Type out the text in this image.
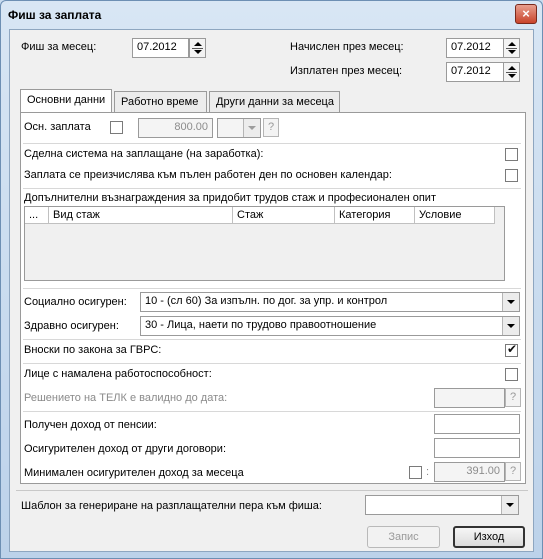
Фиш за заплата	×
Фиш за месец:	07.2012	Начислен през месец:	07.2012
Изплатен през месец:	07.2012
Основни данни	Работно време	Други данни за месеца
Осн. заплата	800.00	?
Сделна система на заплащане (на заработка):
Заплата се преизчислява към пълен работен ден по основен календар:
Допълнителни възнаграждения за придобит трудов стаж и професионален опит
...	Вид стаж	Стаж	Категория	Условие
Социално осигурен:	10 - (сл 60) За изпълн. по дог. за упр. и контрол
Здравно осигурен:	30 - Лица, наети по трудово правоотношение
Вноски по закона за ГВРС:
✔
Лице с намалена работоспособност:
Решението на ТЕЛК е валидно до дата:	?
Получен доход от пенсии:
Осигурителен доход от други договори:
Минимален осигурителен доход за месеца	:	391.00 ?
Шаблон за генериране на разплащателни пера към фиша:
Запис	Изход
